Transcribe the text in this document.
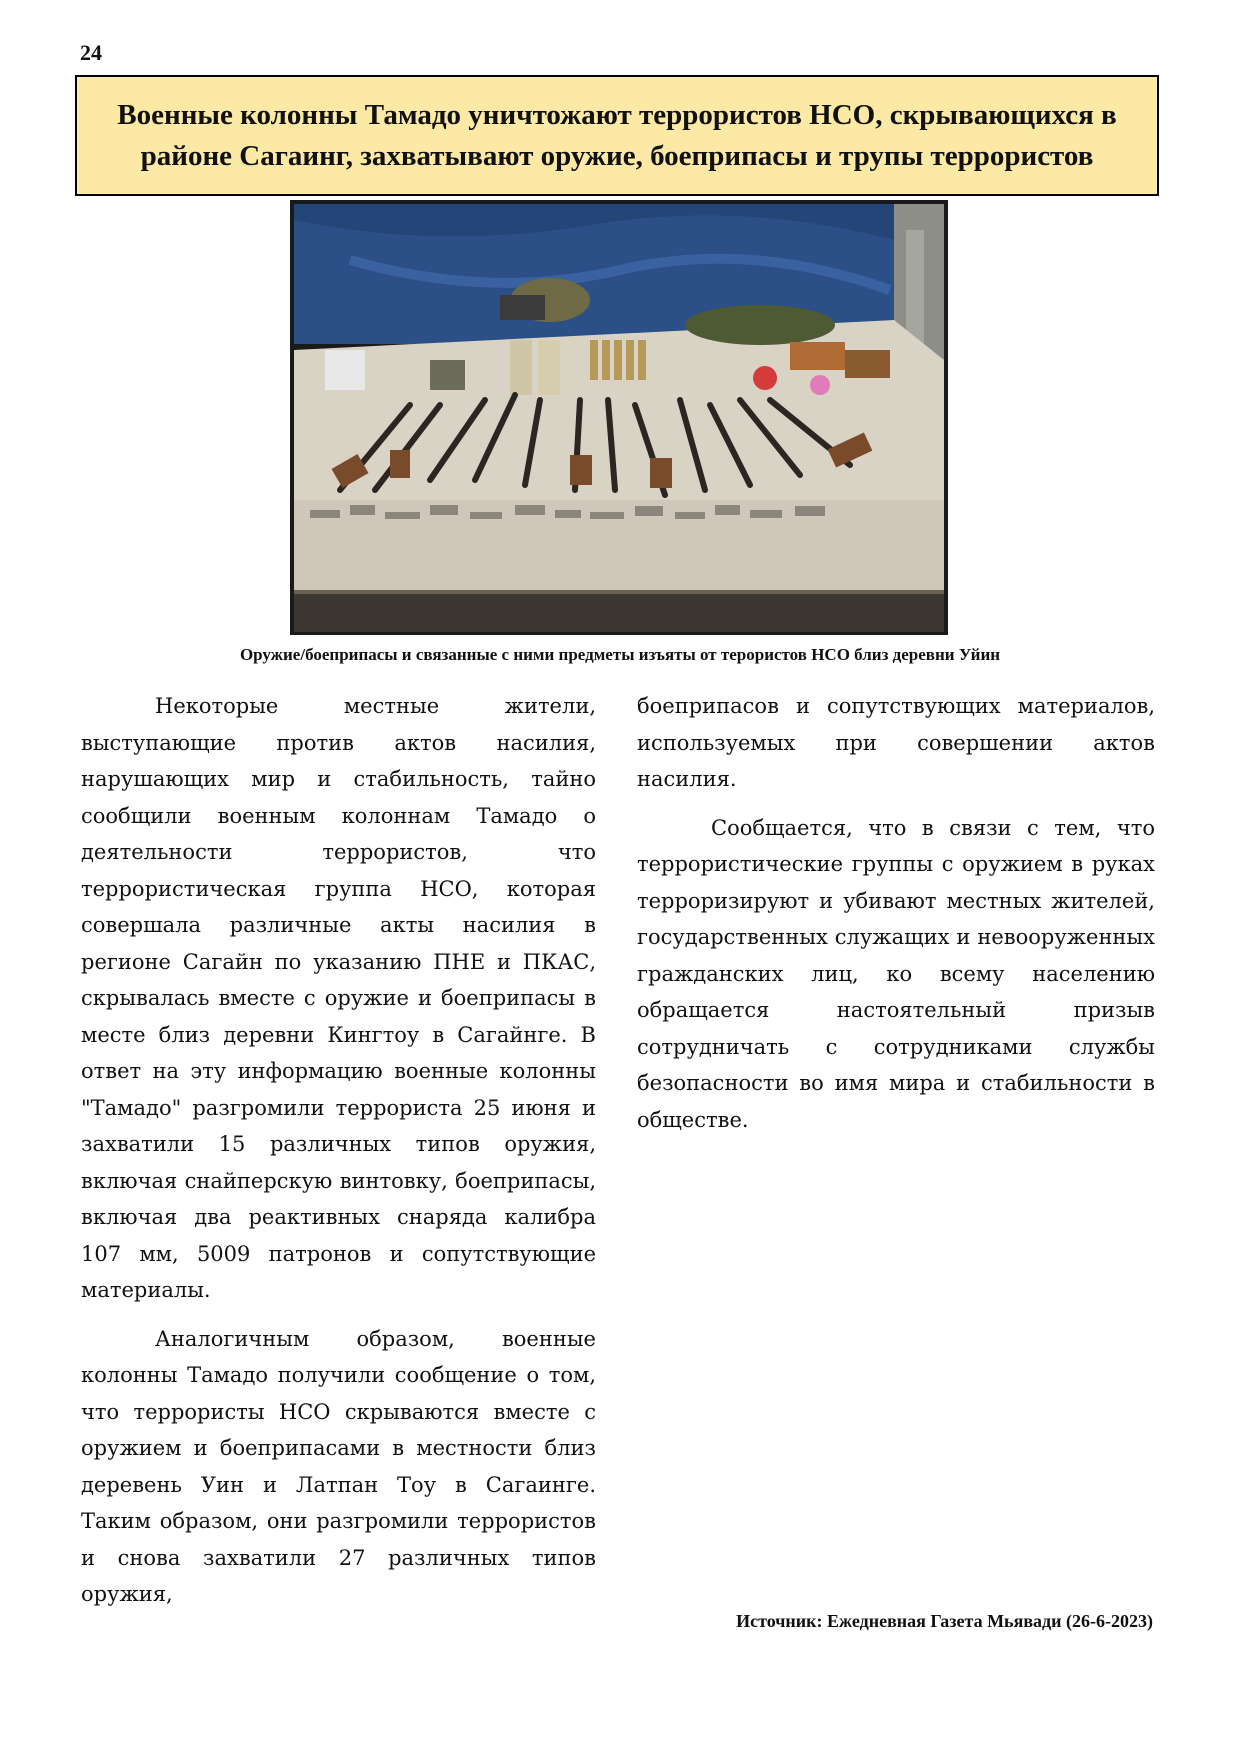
24
Военные колонны Тамадо уничтожают террористов НСО, скрывающихся в районе Сагаинг, захватывают оружие, боеприпасы и трупы террористов
Оружие/боеприпасы и связанные с ними предметы изъяты от терористов НСО близ деревни Уйин

Некоторые местные жители, выступающие против актов насилия, нарушающих мир и стабильность, тайно сообщили военным колоннам Тамадо о деятельности террористов, что террористическая группа НСО, которая совершала различные акты насилия в регионе Сагайн по указанию ПНЕ и ПКАС, скрывалась вместе с оружие и боеприпасы в месте близ деревни Кингтоу в Сагайнге. В ответ на эту информацию военные колонны "Тамадо" разгромили террориста 25 июня и захватили 15 различных типов оружия, включая снайперскую винтовку, боеприпасы, включая два реактивных снаряда калибра 107 мм, 5009 патронов и сопутствующие материалы.

Аналогичным образом, военные колонны Тамадо получили сообщение о том, что террористы НСО скрываются вместе с оружием и боеприпасами в местности близ деревень Уин и Латпан Тоу в Сагаинге. Таким образом, они разгромили террористов и снова захватили 27 различных типов оружия,

боеприпасов и сопутствующих материалов, используемых при совершении актов насилия.

Сообщается, что в связи с тем, что террористические группы с оружием в руках терроризируют и убивают местных жителей, государственных служащих и невооруженных гражданских лиц, ко всему населению обращается настоятельный призыв сотрудничать с сотрудниками службы безопасности во имя мира и стабильности в обществе.

Источник: Ежедневная Газета Мьявади (26-6-2023)
